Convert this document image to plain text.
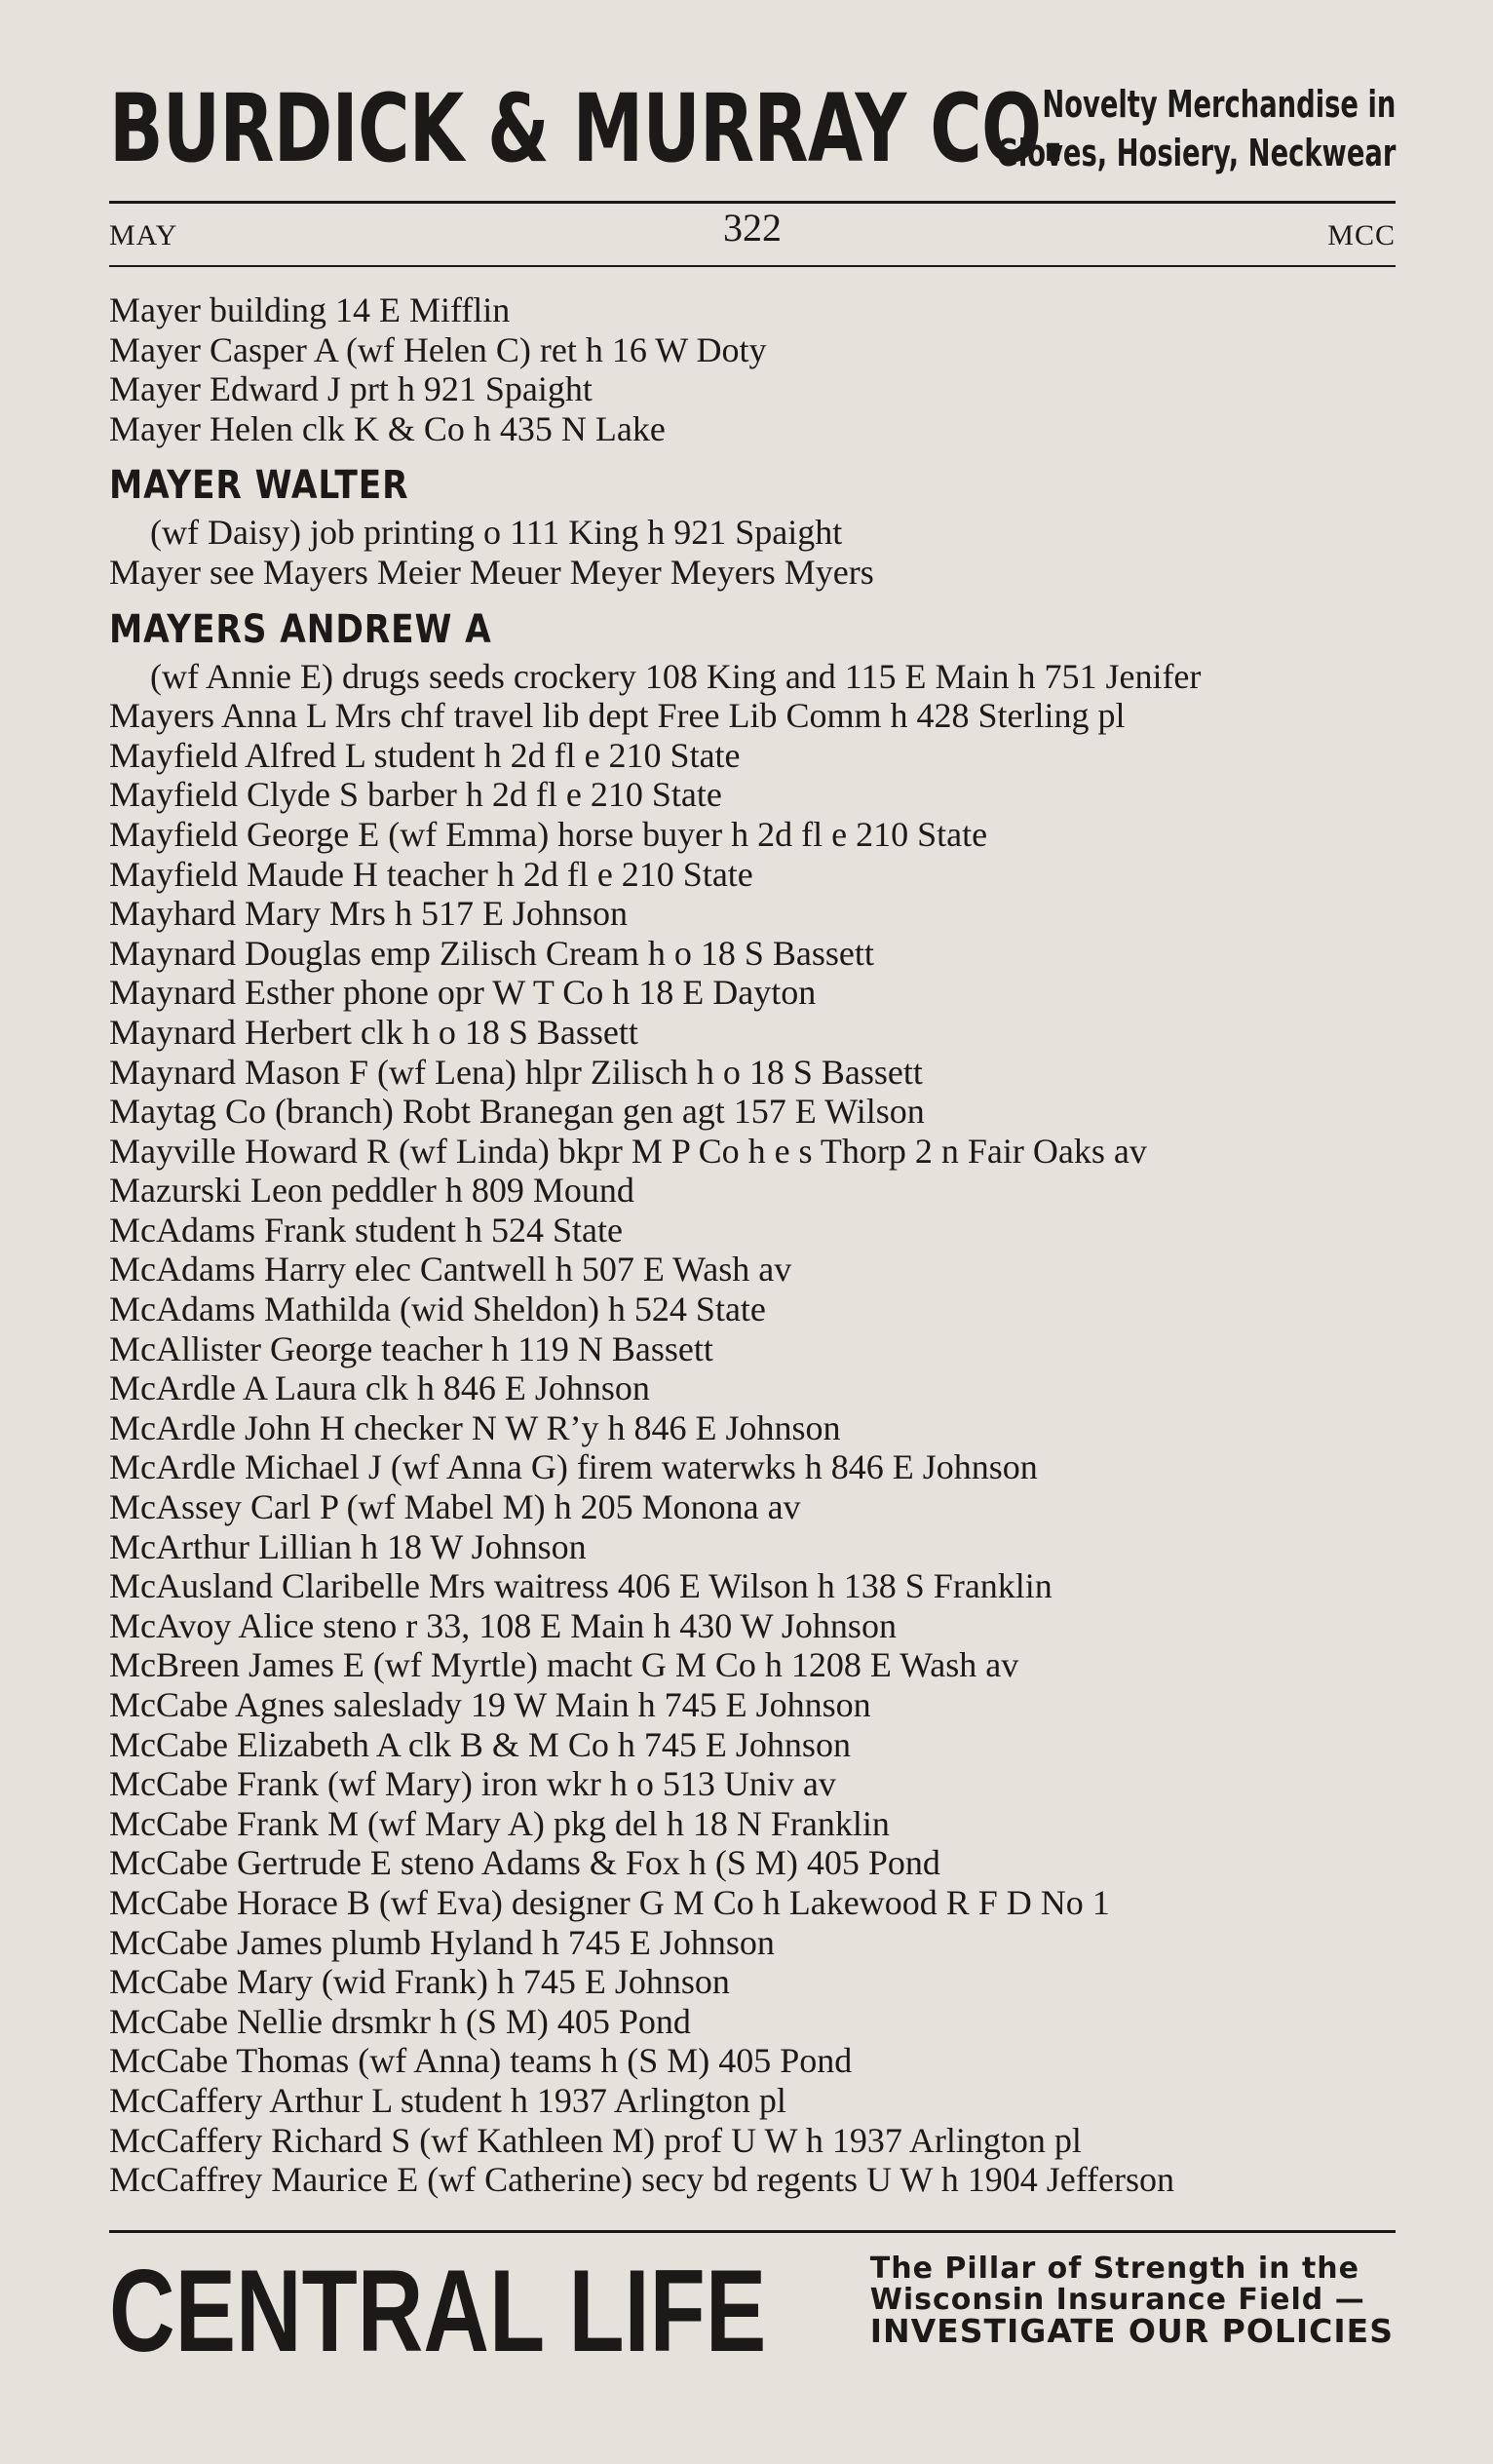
BURDICK & MURRAY CO.
Novelty Merchandise in
Gloves, Hosiery, Neckwear
MAY	322	MCC
Mayer building 14 E Mifflin
Mayer Casper A (wf Helen C) ret h 16 W Doty
Mayer Edward J prt h 921 Spaight
Mayer Helen clk K & Co h 435 N Lake
MAYER WALTER
(wf Daisy) job printing o 111 King h 921 Spaight
Mayer see Mayers Meier Meuer Meyer Meyers Myers
MAYERS ANDREW A
(wf Annie E) drugs seeds crockery 108 King and 115 E Main h 751 Jenifer
Mayers Anna L Mrs chf travel lib dept Free Lib Comm h 428 Sterling pl
Mayfield Alfred L student h 2d fl e 210 State
Mayfield Clyde S barber h 2d fl e 210 State
Mayfield George E (wf Emma) horse buyer h 2d fl e 210 State
Mayfield Maude H teacher h 2d fl e 210 State
Mayhard Mary Mrs h 517 E Johnson
Maynard Douglas emp Zilisch Cream h o 18 S Bassett
Maynard Esther phone opr W T Co h 18 E Dayton
Maynard Herbert clk h o 18 S Bassett
Maynard Mason F (wf Lena) hlpr Zilisch h o 18 S Bassett
Maytag Co (branch) Robt Branegan gen agt 157 E Wilson
Mayville Howard R (wf Linda) bkpr M P Co h e s Thorp 2 n Fair Oaks av
Mazurski Leon peddler h 809 Mound
McAdams Frank student h 524 State
McAdams Harry elec Cantwell h 507 E Wash av
McAdams Mathilda (wid Sheldon) h 524 State
McAllister George teacher h 119 N Bassett
McArdle A Laura clk h 846 E Johnson
McArdle John H checker N W R’y h 846 E Johnson
McArdle Michael J (wf Anna G) firem waterwks h 846 E Johnson
McAssey Carl P (wf Mabel M) h 205 Monona av
McArthur Lillian h 18 W Johnson
McAusland Claribelle Mrs waitress 406 E Wilson h 138 S Franklin
McAvoy Alice steno r 33, 108 E Main h 430 W Johnson
McBreen James E (wf Myrtle) macht G M Co h 1208 E Wash av
McCabe Agnes saleslady 19 W Main h 745 E Johnson
McCabe Elizabeth A clk B & M Co h 745 E Johnson
McCabe Frank (wf Mary) iron wkr h o 513 Univ av
McCabe Frank M (wf Mary A) pkg del h 18 N Franklin
McCabe Gertrude E steno Adams & Fox h (S M) 405 Pond
McCabe Horace B (wf Eva) designer G M Co h Lakewood R F D No 1
McCabe James plumb Hyland h 745 E Johnson
McCabe Mary (wid Frank) h 745 E Johnson
McCabe Nellie drsmkr h (S M) 405 Pond
McCabe Thomas (wf Anna) teams h (S M) 405 Pond
McCaffery Arthur L student h 1937 Arlington pl
McCaffery Richard S (wf Kathleen M) prof U W h 1937 Arlington pl
McCaffrey Maurice E (wf Catherine) secy bd regents U W h 1904 Jefferson
CENTRAL LIFE	The Pillar of Strength in the
Wisconsin Insurance Field —
INVESTIGATE OUR POLICIES
